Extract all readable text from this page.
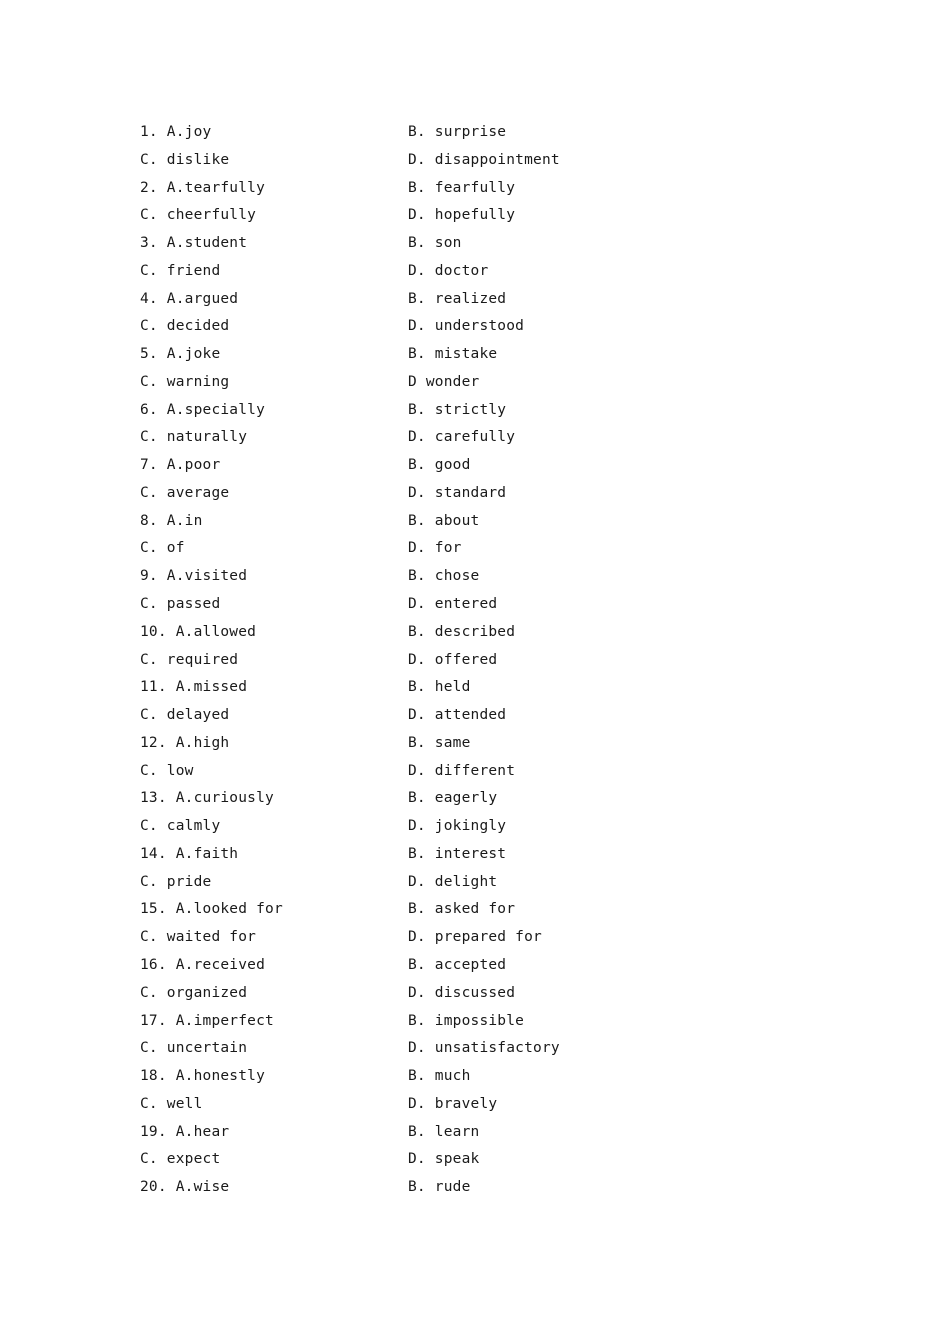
1. A.joy	B. surprise
C. dislike	D. disappointment
2. A.tearfully	B. fearfully
C. cheerfully	D. hopefully
3. A.student	B. son
C. friend	D. doctor
4. A.argued	B. realized
C. decided	D. understood
5. A.joke	B. mistake
C. warning	D wonder
6. A.specially	B. strictly
C. naturally	D. carefully
7. A.poor	B. good
C. average	D. standard
8. A.in	B. about
C. of	D. for
9. A.visited	B. chose
C. passed	D. entered
10. A.allowed	B. described
C. required	D. offered
11. A.missed	B. held
C. delayed	D. attended
12. A.high	B. same
C. low	D. different
13. A.curiously	B. eagerly
C. calmly	D. jokingly
14. A.faith	B. interest
C. pride	D. delight
15. A.looked for	B. asked for
C. waited for	D. prepared for
16. A.received	B. accepted
C. organized	D. discussed
17. A.imperfect	B. impossible
C. uncertain	D. unsatisfactory
18. A.honestly	B. much
C. well	D. bravely
19. A.hear	B. learn
C. expect	D. speak
20. A.wise	B. rude
